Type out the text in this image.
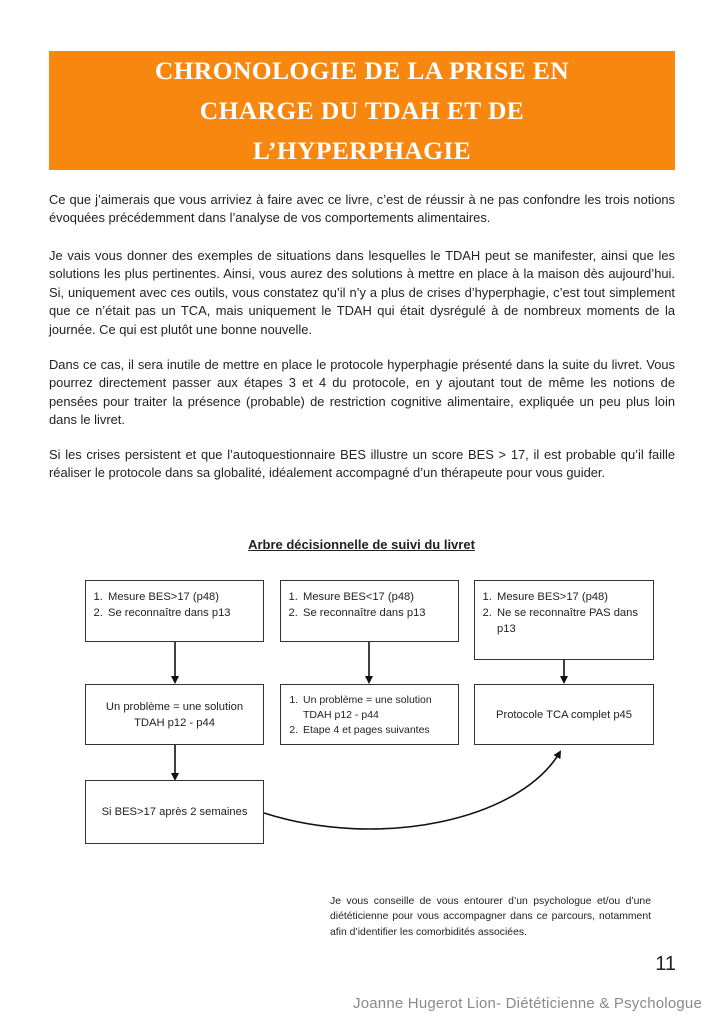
CHRONOLOGIE DE LA PRISE EN CHARGE DU TDAH ET DE L’HYPERPHAGIE

Ce que j’aimerais que vous arriviez à faire avec ce livre, c’est de réussir à ne pas confondre les trois notions évoquées précédemment dans l’analyse de vos comportements alimentaires.

Je vais vous donner des exemples de situations dans lesquelles le TDAH peut se manifester, ainsi que les solutions les plus pertinentes. Ainsi, vous aurez des solutions à mettre en place à la maison dès aujourd’hui. Si, uniquement avec ces outils, vous constatez qu’il n’y a plus de crises d’hyperphagie, c’est tout simplement que ce n’était pas un TCA, mais uniquement le TDAH qui était dysrégulé à de nombreux moments de la journée. Ce qui est plutôt une bonne nouvelle.

Dans ce cas, il sera inutile de mettre en place le protocole hyperphagie présenté dans la suite du livret. Vous pourrez directement passer aux étapes 3 et 4 du protocole, en y ajoutant tout de même les notions de pensées pour traiter la présence (probable) de restriction cognitive alimentaire, expliquée un peu plus loin dans le livret.

Si les crises persistent et que l’autoquestionnaire BES illustre un score BES > 17, il est probable qu’il faille réaliser le protocole dans sa globalité, idéalement accompagné d’un thérapeute pour vous guider.

Arbre décisionnelle de suivi du livret

1. Mesure BES>17 (p48)
2. Se reconnaître dans p13
1. Mesure BES<17 (p48)
2. Se reconnaître dans p13
1. Mesure BES>17 (p48)
2. Ne se reconnaître PAS dans p13
Un problème = une solution TDAH p12 - p44
1. Un problème = une solution TDAH p12 - p44
2. Etape 4 et pages suivantes
Protocole TCA complet p45
Si BES>17 après 2 semaines

Je vous conseille de vous entourer d’un psychologue et/ou d’une diététicienne pour vous accompagner dans ce parcours, notamment afin d’identifier les comorbidités associées.

11
Joanne Hugerot Lion- Diététicienne & Psychologue
